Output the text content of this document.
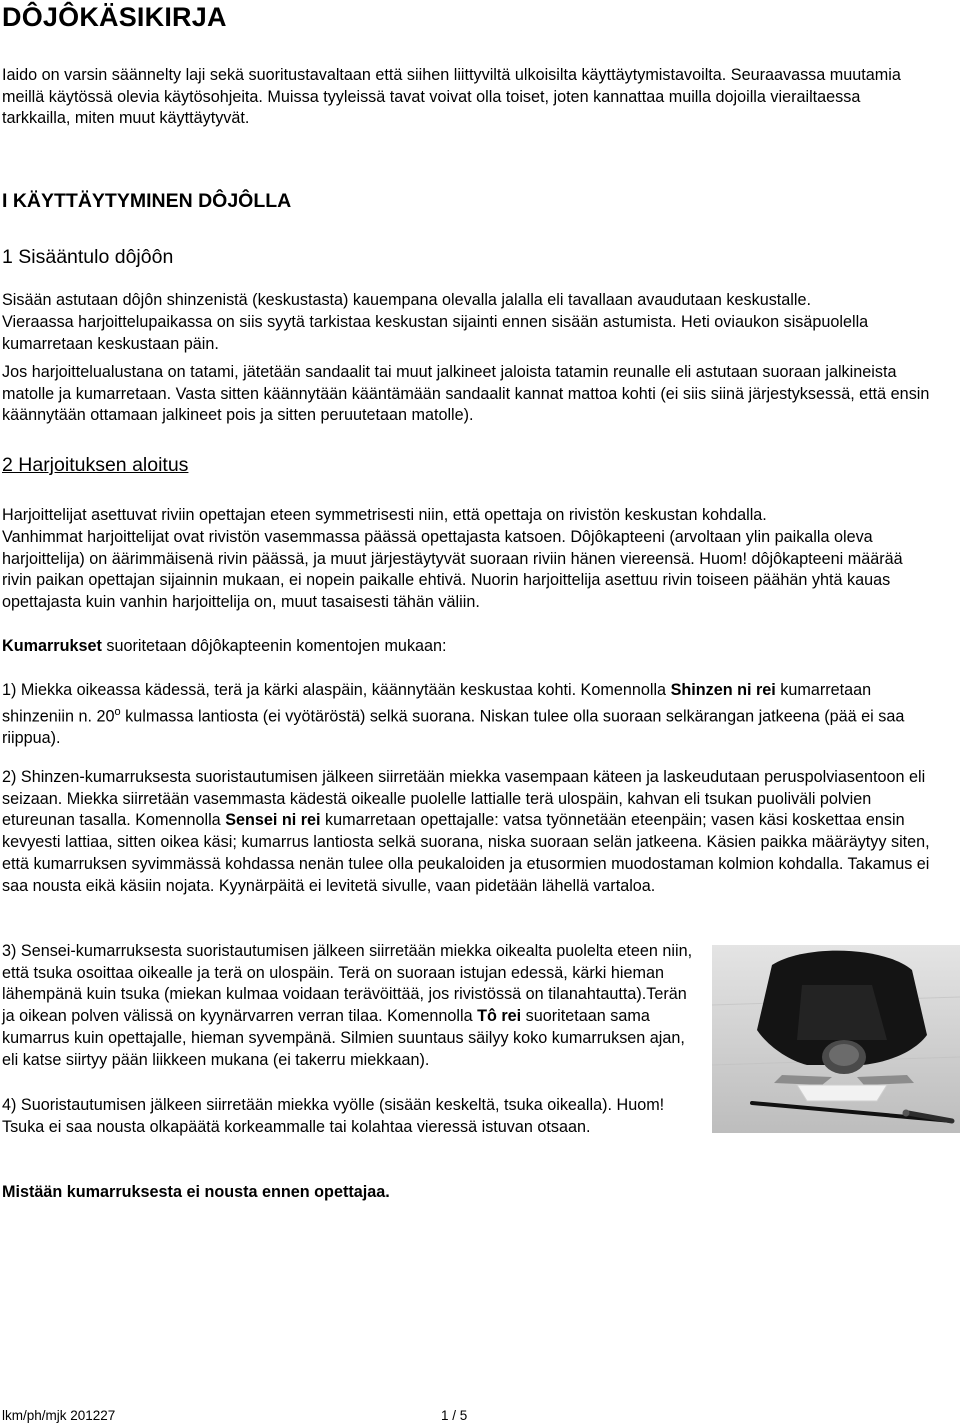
DÔJÔKÄSIKIRJA

Iaido on varsin säännelty laji sekä suoritustavaltaan että siihen liittyviltä ulkoisilta käyttäytymistavoilta. Seuraavassa muutamia meillä käytössä olevia käytösohjeita. Muissa tyyleissä tavat voivat olla toiset, joten kannattaa muilla dojoilla vierailtaessa tarkkailla, miten muut käyttäytyvät.

I KÄYTTÄYTYMINEN DÔJÔLLA

1 Sisääntulo dôjôôn

Sisään astutaan dôjôn shinzenistä (keskustasta) kauempana olevalla jalalla eli tavallaan avaudutaan keskustalle.

Vieraassa harjoittelupaikassa on siis syytä tarkistaa keskustan sijainti ennen sisään astumista. Heti oviaukon sisäpuolella kumarretaan keskustaan päin.

Jos harjoittelualustana on tatami, jätetään sandaalit tai muut jalkineet jaloista tatamin reunalle eli astutaan suoraan jalkineista matolle ja kumarretaan. Vasta sitten käännytään kääntämään sandaalit kannat mattoa kohti (ei siis siinä järjestyksessä, että ensin käännytään ottamaan jalkineet pois ja sitten peruutetaan matolle).

2 Harjoituksen aloitus

Harjoittelijat asettuvat riviin opettajan eteen symmetrisesti niin, että opettaja on rivistön keskustan kohdalla.

Vanhimmat harjoittelijat ovat rivistön vasemmassa päässä opettajasta katsoen. Dôjôkapteeni (arvoltaan ylin paikalla oleva harjoittelija) on äärimmäisenä rivin päässä, ja muut järjestäytyvät suoraan riviin hänen viereensä. Huom! dôjôkapteeni määrää rivin paikan opettajan sijainnin mukaan, ei nopein paikalle ehtivä. Nuorin harjoittelija asettuu rivin toiseen päähän yhtä kauas opettajasta kuin vanhin harjoittelija on, muut tasaisesti tähän väliin.

Kumarrukset suoritetaan dôjôkapteenin komentojen mukaan:

1) Miekka oikeassa kädessä, terä ja kärki alaspäin, käännytään keskustaa kohti. Komennolla Shinzen ni rei kumarretaan shinzeniin n. 20$^o$ kulmassa lantiosta (ei vyötäröstä) selkä suorana. Niskan tulee olla suoraan selkärangan jatkeena (pää ei saa riippua).

2) Shinzen-kumarruksesta suoristautumisen jälkeen siirretään miekka vasempaan käteen ja laskeudutaan peruspolviasentoon eli seizaan. Miekka siirretään vasemmasta kädestä oikealle puolelle lattialle terä ulospäin, kahvan eli tsukan puoliväli polvien etureunan tasalla. Komennolla Sensei ni rei kumarretaan opettajalle: vatsa työnnetään eteenpäin; vasen käsi koskettaa ensin kevyesti lattiaa, sitten oikea käsi; kumarrus lantiosta selkä suorana, niska suoraan selän jatkeena. Käsien paikka määräytyy siten, että kumarruksen syvimmässä kohdassa nenän tulee olla peukaloiden ja etusormien muodostaman kolmion kohdalla. Takamus ei saa nousta eikä käsiin nojata. Kyynärpäitä ei levitetä sivulle, vaan pidetään lähellä vartaloa.

3) Sensei-kumarruksesta suoristautumisen jälkeen siirretään miekka oikealta puolelta eteen niin, että tsuka osoittaa oikealle ja terä on ulospäin. Terä on suoraan istujan edessä, kärki hieman lähempänä kuin tsuka (miekan kulmaa voidaan terävöittää, jos rivistössä on tilanahtautta).Terän ja oikean polven välissä on kyynärvarren verran tilaa. Komennolla Tô rei suoritetaan sama kumarrus kuin opettajalle, hieman syvempänä. Silmien suuntaus säilyy koko kumarruksen ajan, eli katse siirtyy pään liikkeen mukana (ei takerru miekkaan).

4) Suoristautumisen jälkeen siirretään miekka vyölle (sisään keskeltä, tsuka oikealla). Huom! Tsuka ei saa nousta olkapäätä korkeammalle tai kolahtaa vieressä istuvan otsaan.

Mistään kumarruksesta ei nousta ennen opettajaa.

lkm/ph/mjk 201227	1 / 5
